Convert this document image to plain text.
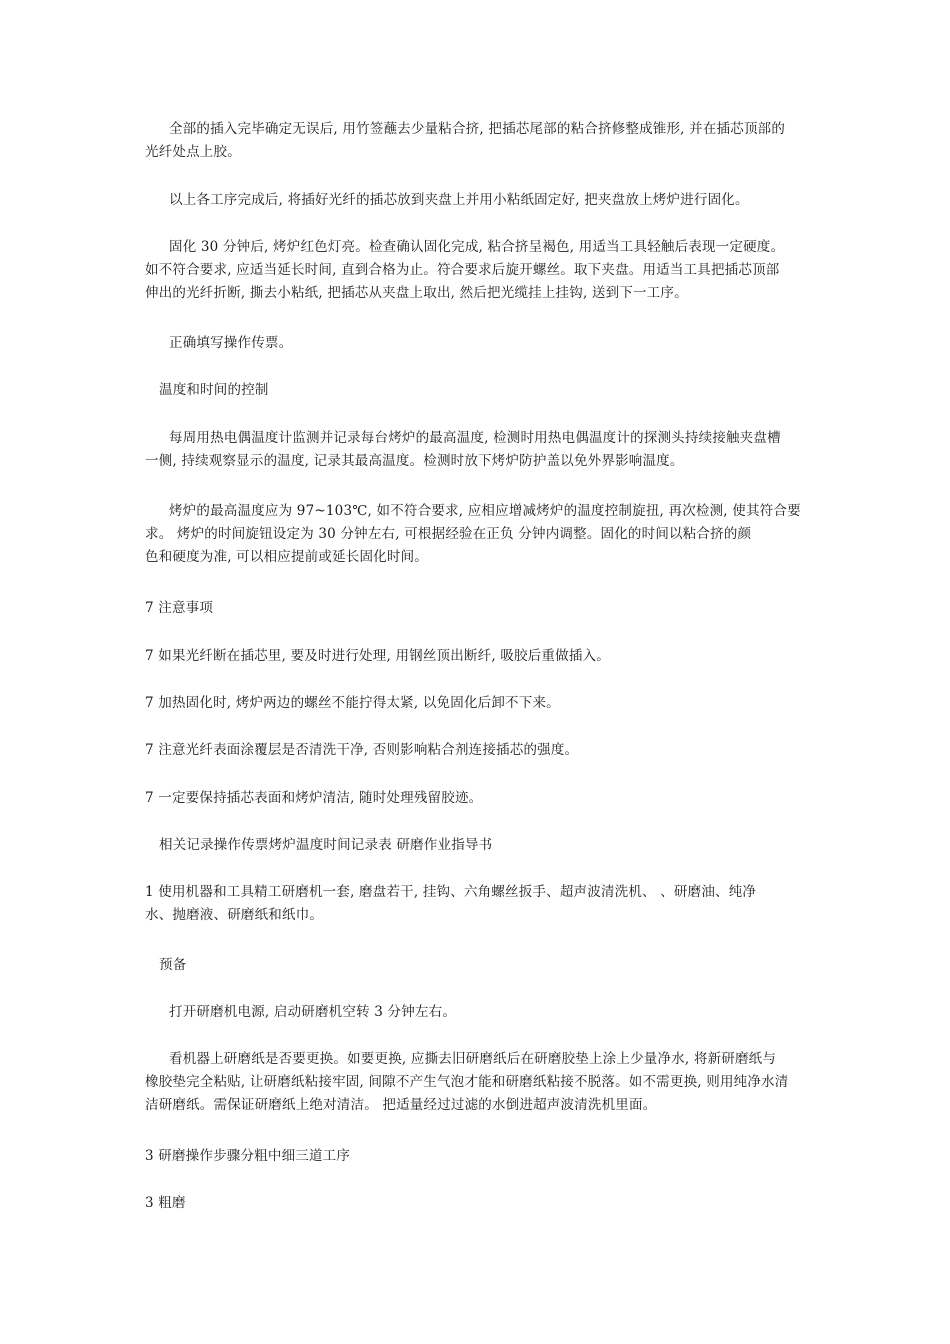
全部的插入完毕确定无误后, 用竹签蘸去少量粘合挤, 把插芯尾部的粘合挤修整成锥形, 并在插芯顶部的
光纤处点上胶。

以上各工序完成后, 将插好光纤的插芯放到夹盘上并用小粘纸固定好, 把夹盘放上烤炉进行固化。

固化 30 分钟后, 烤炉红色灯亮。检查确认固化完成, 粘合挤呈褐色, 用适当工具轻触后表现一定硬度。
如不符合要求, 应适当延长时间, 直到合格为止。符合要求后旋开螺丝。取下夹盘。用适当工具把插芯顶部
伸出的光纤折断, 撕去小粘纸, 把插芯从夹盘上取出, 然后把光缆挂上挂钩, 送到下一工序。

正确填写操作传票。

温度和时间的控制

每周用热电偶温度计监测并记录每台烤炉的最高温度, 检测时用热电偶温度计的探测头持续接触夹盘槽
一侧, 持续观察显示的温度, 记录其最高温度。检测时放下烤炉防护盖以免外界影响温度。

烤炉的最高温度应为 97~103℃, 如不符合要求, 应相应增减烤炉的温度控制旋扭, 再次检测, 使其符合要
求。 烤炉的时间旋钮设定为 30 分钟左右, 可根据经验在正负 分钟内调整。固化的时间以粘合挤的颜
色和硬度为准, 可以相应提前或延长固化时间。

7 注意事项

7 如果光纤断在插芯里, 要及时进行处理, 用钢丝顶出断纤, 吸胶后重做插入。

7 加热固化时, 烤炉两边的螺丝不能拧得太紧, 以免固化后卸不下来。

7 注意光纤表面涂覆层是否清洗干净, 否则影响粘合剂连接插芯的强度。

7 一定要保持插芯表面和烤炉清洁, 随时处理残留胶迹。

相关记录操作传票烤炉温度时间记录表 研磨作业指导书

1 使用机器和工具精工研磨机一套, 磨盘若干, 挂钩、六角螺丝扳手、超声波清洗机、 、研磨油、纯净
水、抛磨液、研磨纸和纸巾。

预备

打开研磨机电源, 启动研磨机空转 3 分钟左右。

看机器上研磨纸是否要更换。如要更换, 应撕去旧研磨纸后在研磨胶垫上涂上少量净水, 将新研磨纸与
橡胶垫完全粘贴, 让研磨纸粘接牢固, 间隙不产生气泡才能和研磨纸粘接不脱落。如不需更换, 则用纯净水清
洁研磨纸。需保证研磨纸上绝对清洁。 把适量经过过滤的水倒进超声波清洗机里面。

3 研磨操作步骤分粗中细三道工序

3 粗磨
